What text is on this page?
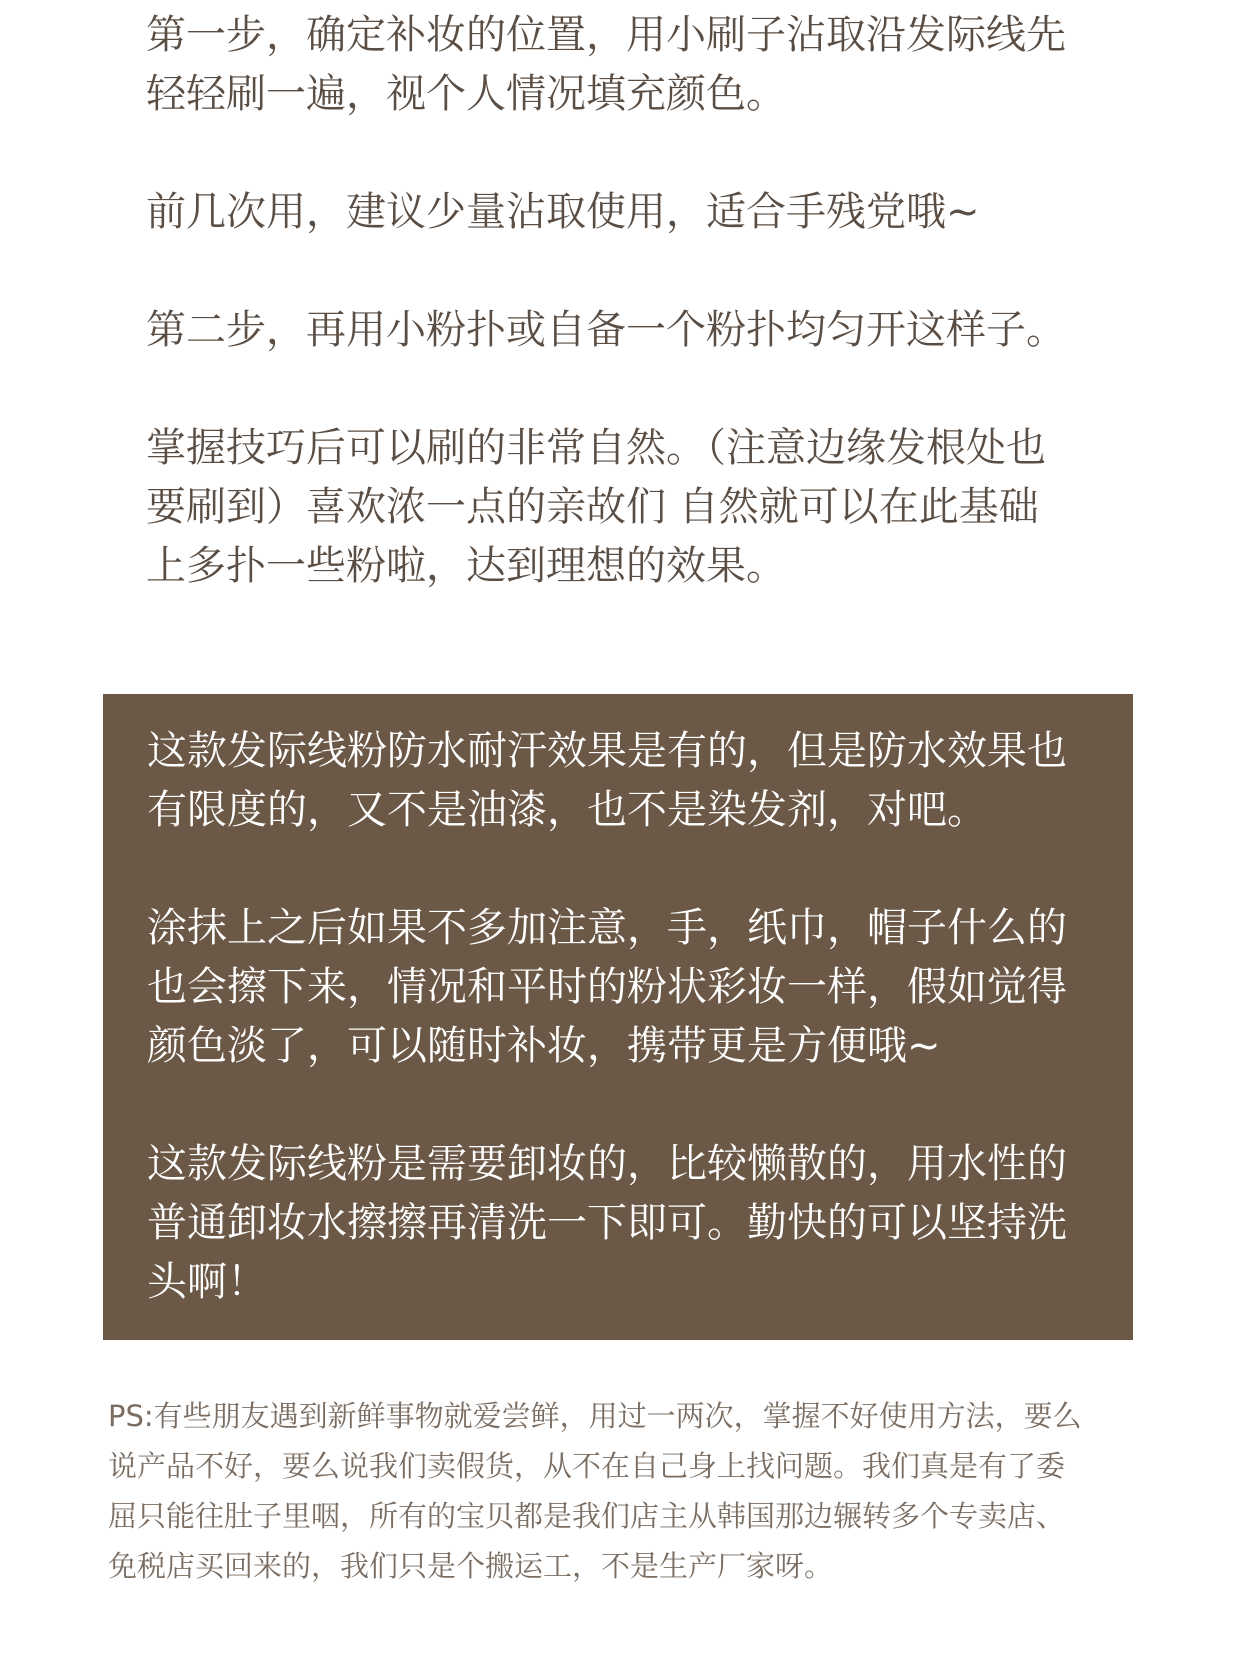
第一步，确定补妆的位置，用小刷子沾取沿发际线先
轻轻刷一遍，视个人情况填充颜色。

前几次用，建议少量沾取使用，适合手残党哦~

第二步，再用小粉扑或自备一个粉扑均匀开这样子。

掌握技巧后可以刷的非常自然。（注意边缘发根处也
要刷到）喜欢浓一点的亲故们 自然就可以在此基础
上多扑一些粉啦，达到理想的效果。

这款发际线粉防水耐汗效果是有的，但是防水效果也
有限度的，又不是油漆，也不是染发剂，对吧。

涂抹上之后如果不多加注意，手，纸巾，帽子什么的
也会擦下来，情况和平时的粉状彩妆一样，假如觉得
颜色淡了，可以随时补妆，携带更是方便哦~

这款发际线粉是需要卸妆的，比较懒散的，用水性的
普通卸妆水擦擦再清洗一下即可。勤快的可以坚持洗
头啊！

PS:有些朋友遇到新鲜事物就爱尝鲜，用过一两次，掌握不好使用方法，要么
说产品不好，要么说我们卖假货，从不在自己身上找问题。我们真是有了委
屈只能往肚子里咽，所有的宝贝都是我们店主从韩国那边辗转多个专卖店、
免税店买回来的，我们只是个搬运工，不是生产厂家呀。
